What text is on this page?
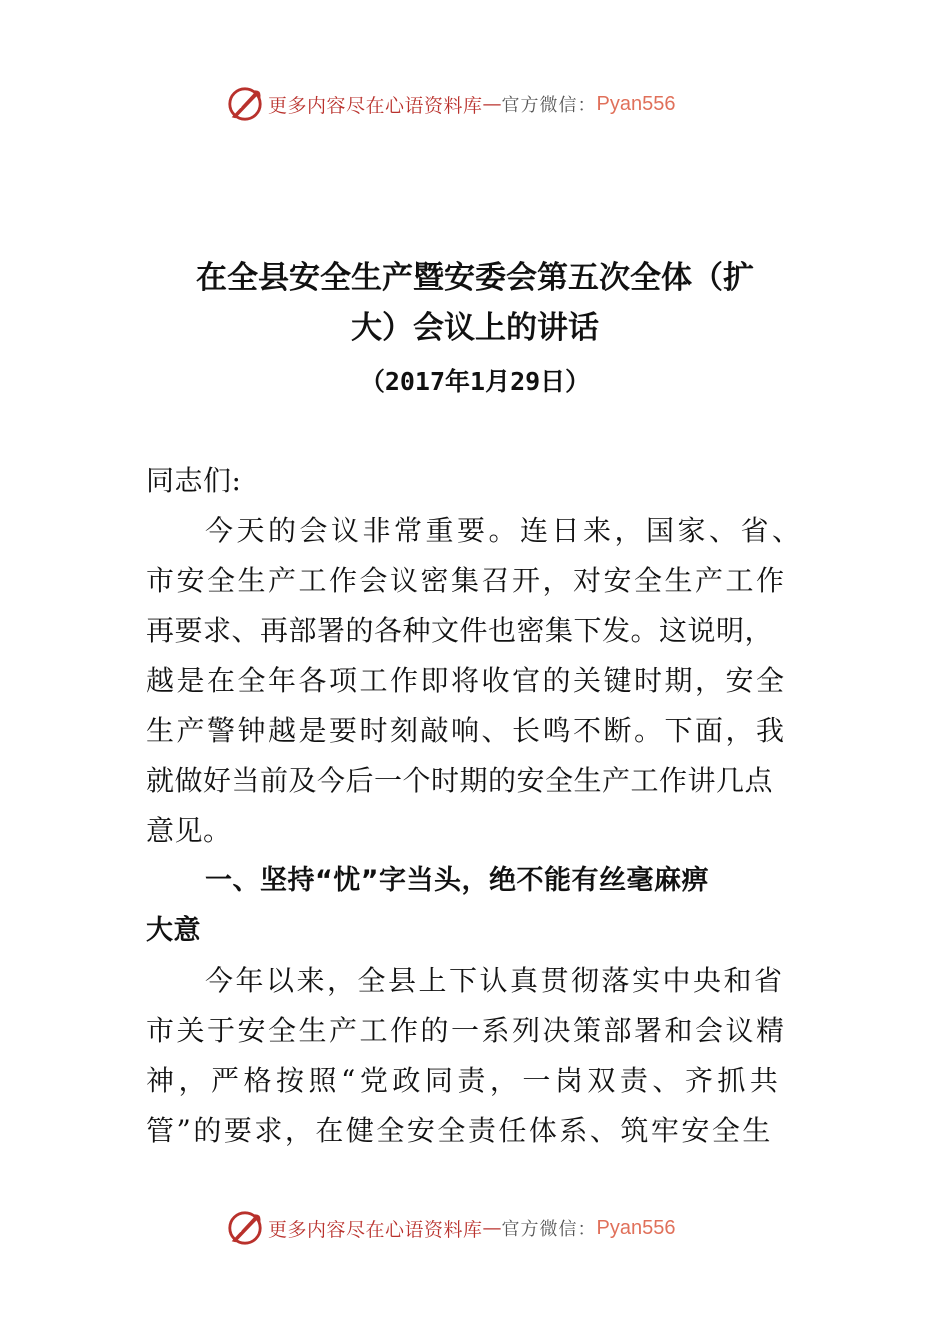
更多内容尽在心语资料库 — 官方微信： Pyan556
在全县安全生产暨安委会第五次全体（扩
大）会议上的讲话
（2017年1月29日）
同志们:
今天的会议非常重要。连日来，国家、省、
市安全生产工作会议密集召开，对安全生产工作
再要求、再部署的各种文件也密集下发。这说明，
越是在全年各项工作即将收官的关键时期，安全
生产警钟越是要时刻敲响、长鸣不断。下面，我
就做好当前及今后一个时期的安全生产工作讲几点
意见。
一、坚持“忧”字当头，绝不能有丝毫麻痹
大意
今年以来，全县上下认真贯彻落实中央和省
市关于安全生产工作的一系列决策部署和会议精
神，严格按照“党政同责，一岗双责、齐抓共
管”的要求，在健全安全责任体系、筑牢安全生
更多内容尽在心语资料库 — 官方微信： Pyan556
